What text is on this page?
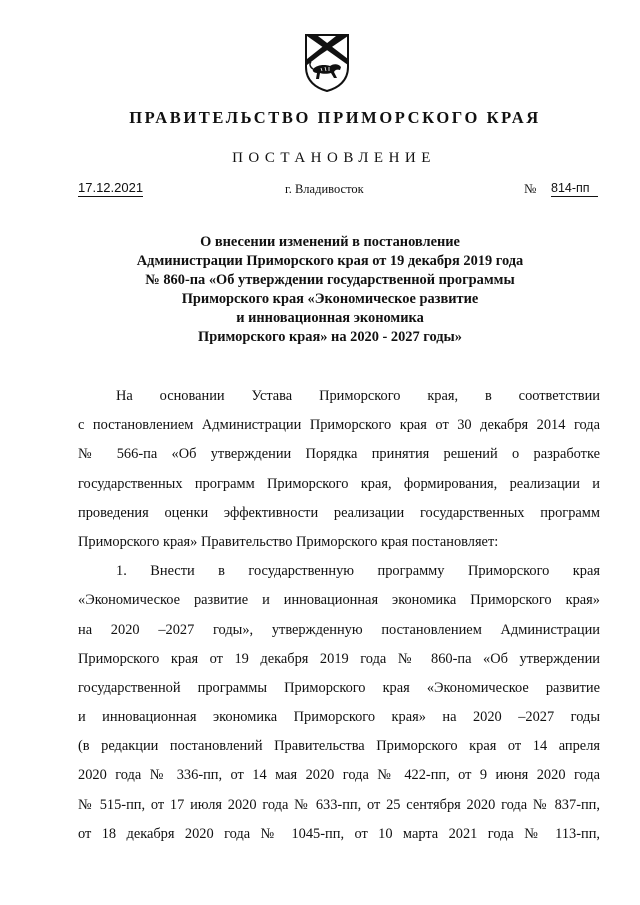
ПРАВИТЕЛЬСТВО ПРИМОРСКОГО КРАЯ
ПОСТАНОВЛЕНИЕ
17.12.2021	г. Владивосток	№ 814-пп
О внесении изменений в постановление
Администрации Приморского края от 19 декабря 2019 года
№ 860-па «Об утверждении государственной программы
Приморского края «Экономическое развитие
и инновационная экономика
Приморского края» на 2020 - 2027 годы»
На основании Устава Приморского края, в соответствии
с постановлением Администрации Приморского края от 30 декабря 2014 года
№ 566-па «Об утверждении Порядка принятия решений о разработке
государственных программ Приморского края, формирования, реализации и
проведения оценки эффективности реализации государственных программ
Приморского края» Правительство Приморского края постановляет:
1. Внести в государственную программу Приморского края
«Экономическое развитие и инновационная экономика Приморского края»
на 2020 –2027 годы», утвержденную постановлением Администрации
Приморского края от 19 декабря 2019 года № 860-па «Об утверждении
государственной программы Приморского края «Экономическое развитие
и инновационная экономика Приморского края» на 2020 –2027 годы
(в редакции постановлений Правительства Приморского края от 14 апреля
2020 года № 336-пп, от 14 мая 2020 года № 422-пп, от 9 июня 2020 года
№ 515-пп, от 17 июля 2020 года № 633-пп, от 25 сентября 2020 года № 837-пп,
от 18 декабря 2020 года № 1045-пп, от 10 марта 2021 года № 113-пп,
